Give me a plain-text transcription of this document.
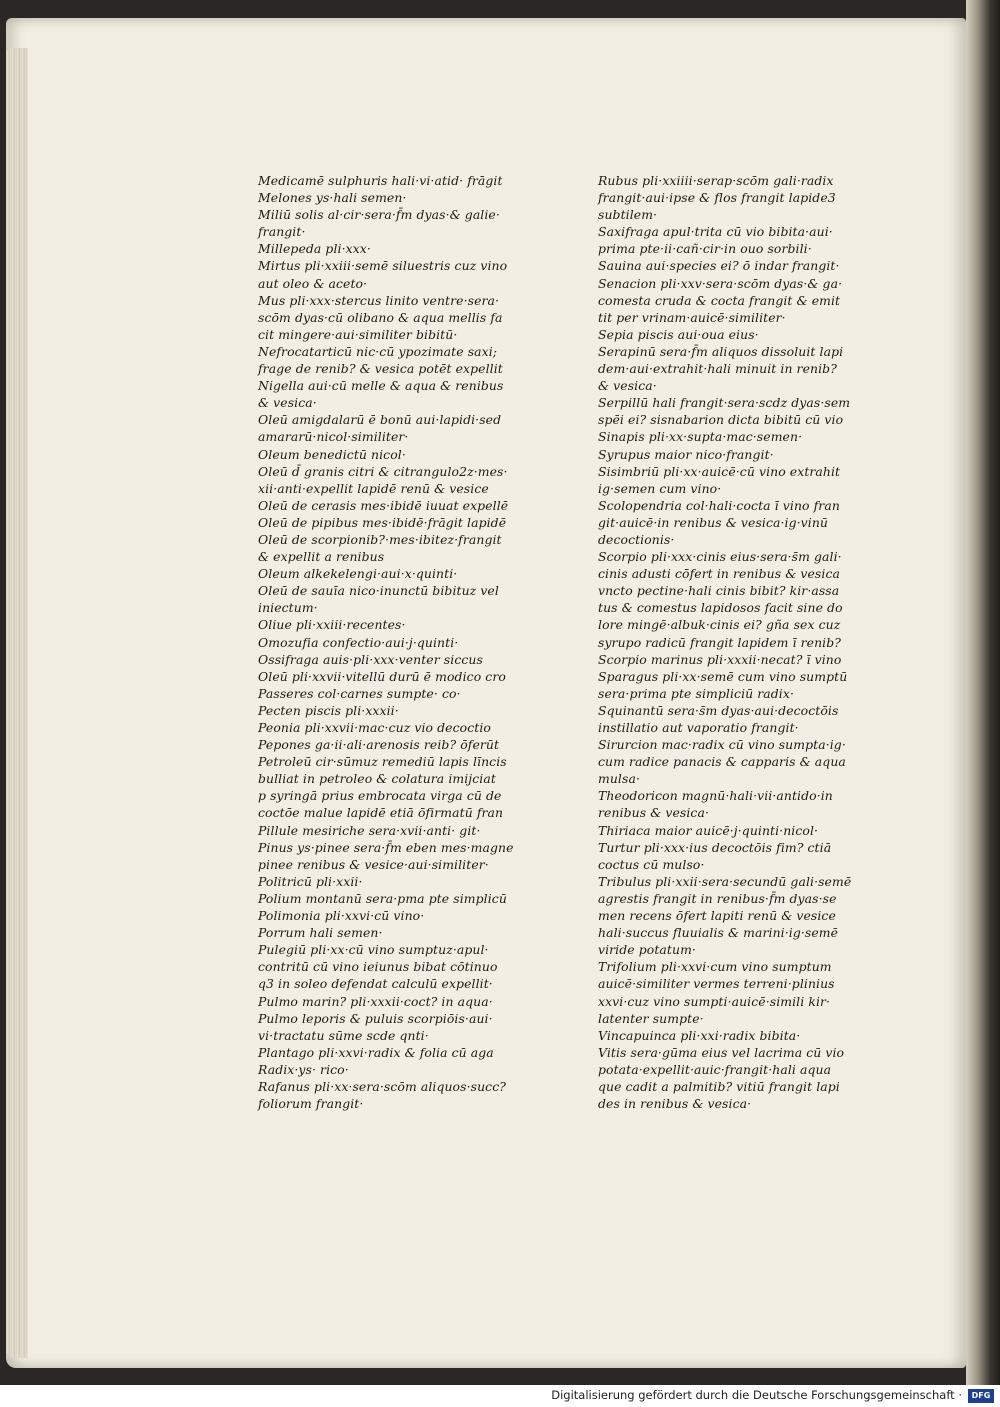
Medicamē sulphuris hali·vi·atid· frāgit
Melones ys·hali semen·
Miliū solis al·cir·sera·f̄m dyas·& galie·
frangit·
Millepeda pli·xxx·
Mirtus pli·xxiii·semē siluestris cuz vino
aut oleo & aceto·
Mus pli·xxx·stercus linito ventre·sera·
scōm dyas·cū olibano & aqua mellis fa
cit mingere·aui·similiter bibitū·
Nefrocatarticū nic·cū ypozimate saxi;
frage de renib? & vesica potēt expellit
Nigella aui·cū melle & aqua & renibus
& vesica·
Oleū amigdalarū ē bonū aui·lapidi·sed
amararū·nicol·similiter·
Oleum benedictū nicol·
Oleū d̄ granis citri & citrangulo2z·mes·
xii·anti·expellit lapidē renū & vesice
Oleū de cerasis mes·ibidē iuuat expellē
Oleū de pipibus mes·ibidē·frāgit lapidē
Oleū de scorpionib?·mes·ibitez·frangit
& expellit a renibus
Oleum alkekelengi·aui·x·quinti·
Oleū de sauīa nico·inunctū bibituz vel
iniectum·
Oliue pli·xxiii·recentes·
Omozufia confectio·aui·j·quinti·
Ossifraga auis·pli·xxx·venter siccus
Oleū pli·xxvii·vitellū durū ē modico cro
Passeres col·carnes sumpte· co·
Pecten piscis pli·xxxii·
Peonia pli·xxvii·mac·cuz vio decoctio
Pepones ga·ii·ali·arenosis reib? ōferūt
Petroleū cir·sūmuz remediū lapis līncis
bulliat in petroleo & colatura imijciat
p syringā prius embrocata virga cū de
coctōe malue lapidē etiā ōfirmatū fran
Pillule mesiriche sera·xvii·anti· git·
Pinus ys·pinee sera·f̄m eben mes·magne
pinee renibus & vesice·aui·similiter·
Politricū pli·xxii·
Polium montanū sera·pma pte simplicū
Polimonia pli·xxvi·cū vino·
Porrum hali semen·
Pulegiū pli·xx·cū vino sumptuz·apul·
contritū cū vino ieiunus bibat cōtinuo
q3 in soleo defendat calculū expellit·
Pulmo marin? pli·xxxii·coct? in aqua·
Pulmo leporis & puluis scorpiōis·aui·
vi·tractatu sūme scde qnti·
Plantago pli·xxvi·radix & folia cū aga
Radix·ys· rico·
Rafanus pli·xx·sera·scōm aliquos·succ?
foliorum frangit·
Rubus pli·xxiiii·serap·scōm gali·radix
frangit·aui·ipse & flos frangit lapide3
subtilem·
Saxifraga apul·trita cū vio bibita·aui·
prima pte·ii·cañ·cir·in ouo sorbili·
Sauina aui·species ei? ō indar frangit·
Senacion pli·xxv·sera·scōm dyas·& ga·
comesta cruda & cocta frangit & emit
tit per vrinam·auicē·similiter·
Sepia piscis aui·oua eius·
Serapinū sera·f̄m aliquos dissoluit lapi
dem·aui·extrahit·hali minuit in renib?
& vesica·
Serpillū hali frangit·sera·scdz dyas·sem
spēi ei? sisnabarion dicta bibitū cū vio
Sinapis pli·xx·supta·mac·semen·
Syrupus maior nico·frangit·
Sisimbriū pli·xx·auicē·cū vino extrahit
ig·semen cum vino·
Scolopendria col·hali·cocta ī vino fran
git·auicē·in renibus & vesica·ig·vinū
decoctionis·
Scorpio pli·xxx·cinis eius·sera·s̄m gali·
cinis adusti cōfert in renibus & vesica
vncto pectine·hali cinis bibit? kir·assa
tus & comestus lapidosos facit sine do
lore mingē·albuk·cinis ei? gña sex cuz
syrupo radicū frangit lapidem ī renib?
Scorpio marinus pli·xxxii·necat? ī vino
Sparagus pli·xx·semē cum vino sumptū
sera·prima pte simpliciū radix·
Squinantū sera·s̄m dyas·aui·decoctōis
instillatio aut vaporatio frangit·
Sirurcion mac·radix cū vino sumpta·ig·
cum radice panacis & capparis & aqua
mulsa·
Theodoricon magnū·hali·vii·antido·in
renibus & vesica·
Thiriaca maior auicē·j·quinti·nicol·
Turtur pli·xxx·ius decoctōis fim? ctiā
coctus cū mulso·
Tribulus pli·xxii·sera·secundū gali·semē
agrestis frangit in renibus·f̄m dyas·se
men recens ōfert lapiti renū & vesice
hali·succus fluuialis & marini·ig·semē
viride potatum·
Trifolium pli·xxvi·cum vino sumptum
auicē·similiter vermes terreni·plinius
xxvi·cuz vino sumpti·auicē·simili kir·
latenter sumpte·
Vincapuinca pli·xxi·radix bibita·
Vitis sera·gūma eius vel lacrima cū vio
potata·expellit·auic·frangit·hali aqua
que cadit a palmitib? vitiū frangit lapi
des in renibus & vesica·
Digitalisierung gefördert durch die Deutsche Forschungsgemeinschaft ·	DFG
